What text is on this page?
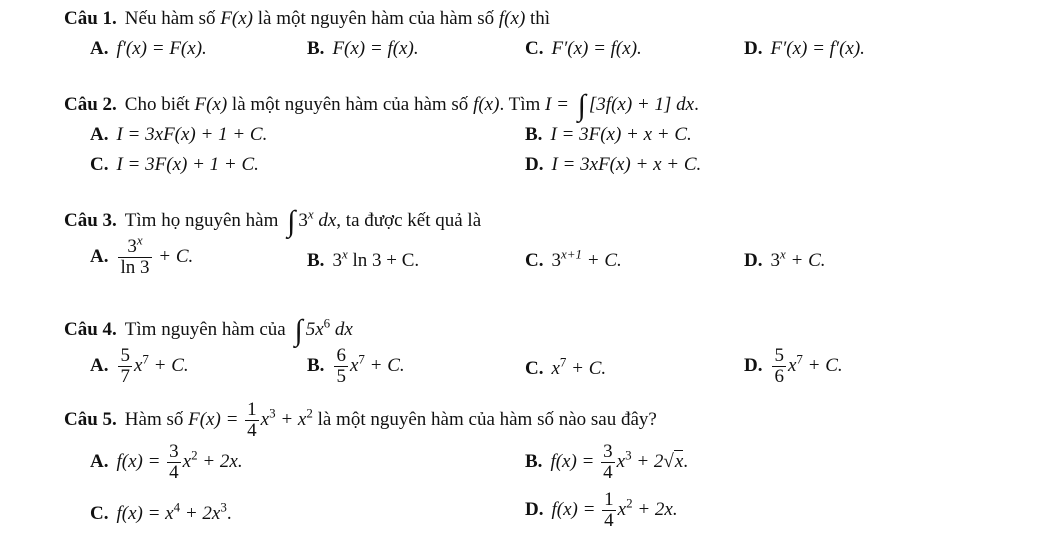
Câu 1. Nếu hàm số F(x) là một nguyên hàm của hàm số f(x) thì
A. f′(x) = F(x).	B. F(x) = f(x).	C. F′(x) = f(x).	D. F′(x) = f′(x).
Câu 2. Cho biết F(x) là một nguyên hàm của hàm số f(x). Tìm I = ∫ [3f(x) + 1] dx.
A. I = 3xF(x) + 1 + C.	B. I = 3F(x) + x + C.
C. I = 3F(x) + 1 + C.	D. I = 3xF(x) + x + C.
Câu 3. Tìm họ nguyên hàm ∫ 3$^x$ dx, ta được kết quả là
A. $\frac{3^x}{\ln 3} + C$.	B. 3$^x$ ln 3 + C.	C. $3^{x+1} + C$.	D. $3^x + C$.
Câu 4. Tìm nguyên hàm của ∫ $5x^6$ dx
A. $\frac{5}{7} x^7 + C$.	B. $\frac{6}{5} x^7 + C$.	C. $x^7 + C$.	D. $\frac{5}{6} x^7 + C$.
Câu 5. Hàm số $F(x) = \frac{1}{4} x^3 + x^2$ là một nguyên hàm của hàm số nào sau đây?
A. $f(x) = \frac{3}{4} x^2 + 2x$.	B. $f(x) = \frac{3}{4} x^3 + 2√x$.
C. $f(x) = x^4 + 2x^3$.	D. $f(x) = \frac{1}{4} x^2 + 2x$.
